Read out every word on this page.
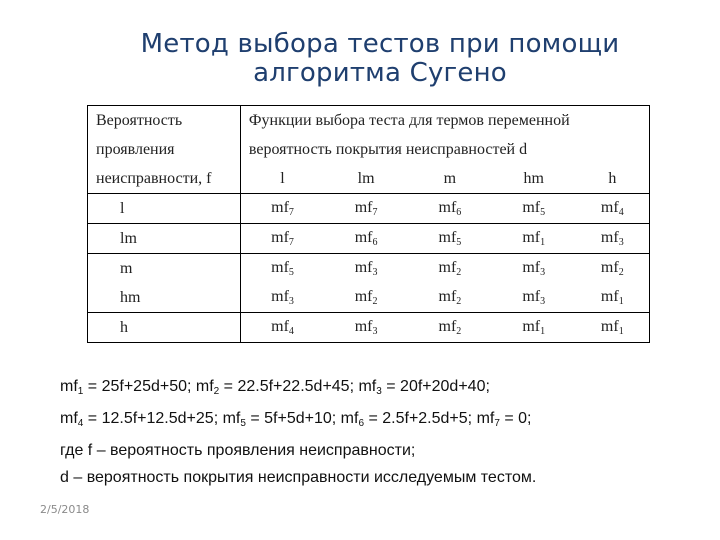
Метод выбора тестов при помощи
алгоритма Сугено
Вероятность	Функции выбора теста для термов переменной				
проявления	вероятность покрытия неисправностей d				
неисправности, f	l	lm	m	hm	h
l	$mf_7$	$mf_7$	$mf_6$	$mf_5$	$mf_4$
lm	$mf_7$	$mf_6$	$mf_5$	$mf_1$	$mf_3$
m	$mf_5$	$mf_3$	$mf_2$	$mf_3$	$mf_2$
hm	$mf_3$	$mf_2$	$mf_2$	$mf_3$	$mf_1$
h	$mf_4$	$mf_3$	$mf_2$	$mf_1$	$mf_1$
$mf_1 = 25f+25d+50$; $mf_2 = 22.5f+22.5d+45$; $mf_3 = 20f+20d+40$;
$mf_4 = 12.5f+12.5d+25$; $mf_5 = 5f+5d+10$; $mf_6 = 2.5f+2.5d+5$; $mf_7 = 0$;
где f – вероятность проявления неисправности;
d – вероятность покрытия неисправности исследуемым тестом.
2/5/2018
